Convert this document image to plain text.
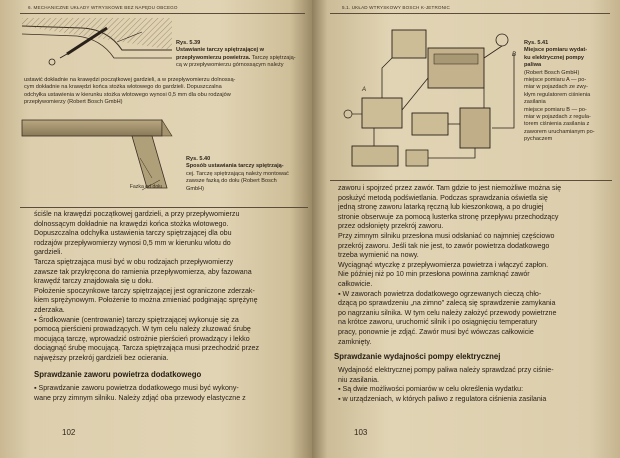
6. MECHANICZNE UKŁADY WTRYSKOWE BEZ NAPĘDU OBCEGO
Rys. 5.39
Ustawianie tarczy spiętrzającej w przepływomierzu powietrza. Tarczę spiętrzają-
cą w przepływomierzu górnossącym należy
ustawić dokładnie na krawędzi początkowej gardzieli, a w przepływomierzu dolnossą-
cym dokładnie na krawędzi końca stożka wlotowego do gardzieli. Dopuszczalna
odchyłka ustawienia w kierunku stożka wlotowego wynosi 0,5 mm dla obu rodzajów
przepływomierzy (Robert Bosch GmbH)
Fazka od dołu
Rys. 5.40
Sposób ustawiania tarczy spiętrzają-
cej. Tarczę spiętrzającą należy montować
zawsze fazką do dołu (Robert Bosch
GmbH)

ściśle na krawędzi początkowej gardzieli, a przy przepływomierzu

dolnossącym dokładnie na krawędzi końca stożka wlotowego.

Dopuszczalna odchyłka ustawienia tarczy spiętrzającej dla obu

rodzajów przepływomierzy wynosi 0,5 mm w kierunku wlotu do

gardzieli.

Tarcza spiętrzająca musi być w obu rodzajach przepływomierzy

zawsze tak przykręcona do ramienia przepływomierza, aby fazowana

krawędź tarczy znajdowała się u dołu.

Położenie spoczynkowe tarczy spiętrzającej jest ograniczone zderzak-

kiem sprężynowym. Położenie to można zmieniać podginając sprężynę

zderzaka.

▪ Środkowanie (centrowanie) tarczy spiętrzającej wykonuje się za

pomocą pierścieni prowadzących. W tym celu należy zluzować śrubę

mocującą tarczę, wprowadzić ostrożnie pierścień prowadzący i lekko

dociągnąć śrubę mocującą. Tarcza spiętrzająca musi przechodzić przez

najwęższy przekrój gardzieli bez ocierania.

Sprawdzanie zaworu powietrza dodatkowego

▪ Sprawdzanie zaworu powietrza dodatkowego musi być wykony-

wane przy zimnym silniku. Należy zdjąć oba przewody elastyczne z

102
5.1. UKŁAD WTRYSKOWY BOSCH K-JETRONIC
A
B
Rys. 5.41
Miejsce pomiaru wydat-
ku elektrycznej pompy
paliwa
(Robert Bosch GmbH)
miejsce pomiaru A — po-
miar w pojazdach ze zwy-
kłym regulatorem ciśnienia
zasilania
miejsce pomiaru B — po-
miar w pojazdach z regula-
torem ciśnienia zasilania z
zaworem uruchamianym po-
pychaczem

zaworu i spojrzeć przez zawór. Tam gdzie to jest niemożliwe można się

posłużyć metodą podświetlania. Podczas sprawdzania oświetla się

jedną stronę zaworu latarką ręczną lub kieszonkową, a po drugiej

stronie obserwuje za pomocą lusterka stronę przepływu przechodzący

przez odsłonięty przekrój zaworu.

Przy zimnym silniku przesłona musi odsłaniać co najmniej częściowo

przekrój zaworu. Jeśli tak nie jest, to zawór powietrza dodatkowego

trzeba wymienić na nowy.

Wyciągnąć wtyczkę z przepływomierza powietrza i włączyć zapłon.

Nie później niż po 10 min przesłona powinna zamknąć zawór

całkowicie.

▪ W zaworach powietrza dodatkowego ogrzewanych cieczą chło-

dzącą po sprawdzeniu „na zimno" zalecą się sprawdzenie zamykania

po nagrzaniu silnika. W tym celu należy założyć przewody powietrzne

na krótce zaworu, uruchomić silnik i po osiągnięciu temperatury

pracy, ponownie je zdjąć. Zawór musi być wówczas całkowicie

zamknięty.

Sprawdzanie wydajności pompy elektrycznej

Wydajność elektrycznej pompy paliwa należy sprawdzać przy ciśnie-

niu zasilania.

▪ Są dwie możliwości pomiarów w celu określenia wydatku:

▪ w urządzeniach, w których paliwo z regulatora ciśnienia zasilania

103
